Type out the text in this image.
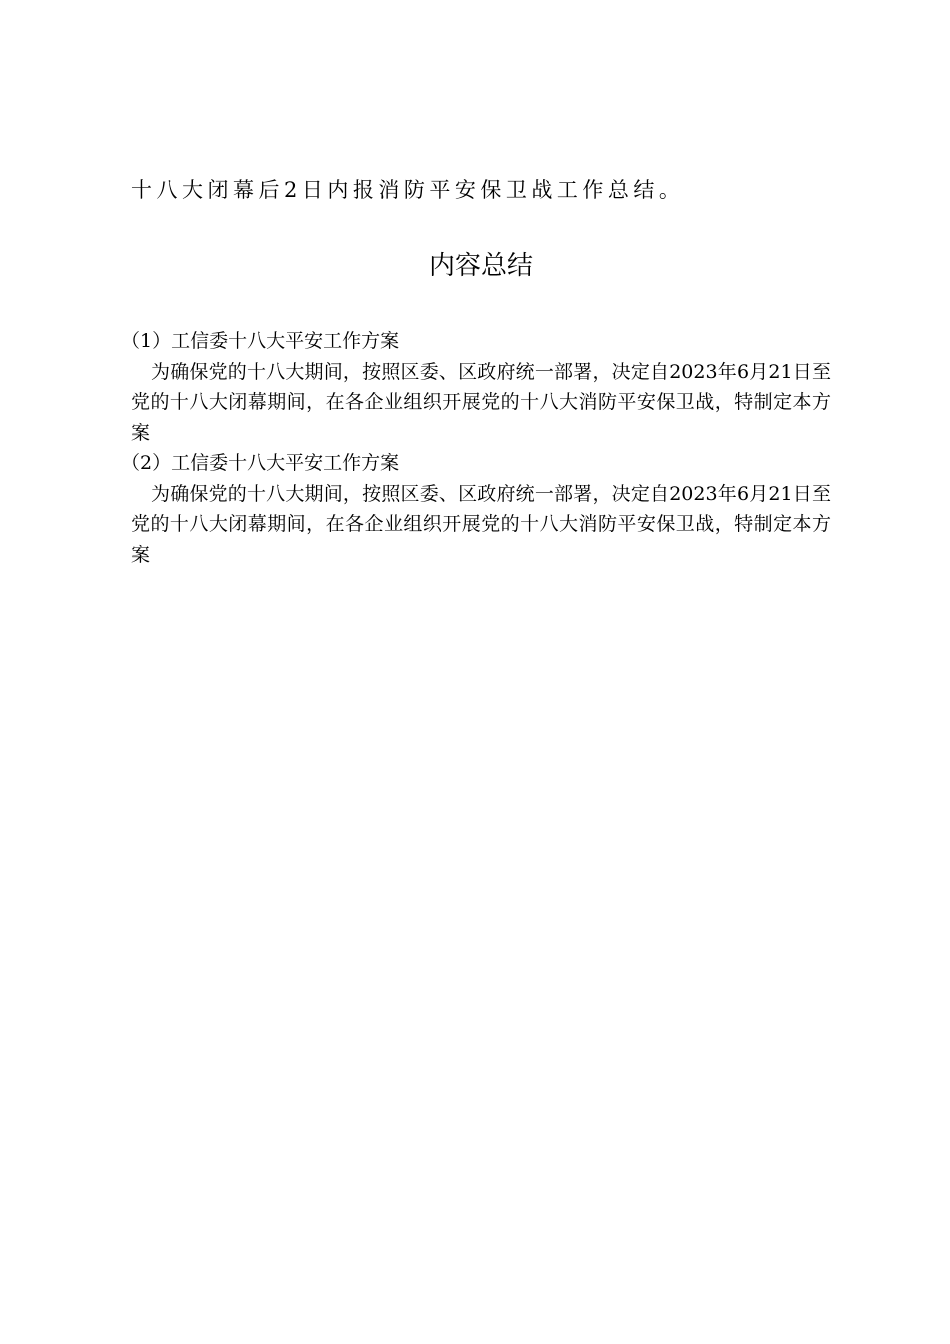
十八大闭幕后2日内报消防平安保卫战工作总结。
内容总结

（1）工信委十八大平安工作方案

为确保党的十八大期间，按照区委、区政府统一部署，决定自2023年6月21日至党的十八大闭幕期间，在各企业组织开展党的十八大消防平安保卫战，特制定本方案

（2）工信委十八大平安工作方案

为确保党的十八大期间，按照区委、区政府统一部署，决定自2023年6月21日至党的十八大闭幕期间，在各企业组织开展党的十八大消防平安保卫战，特制定本方案
